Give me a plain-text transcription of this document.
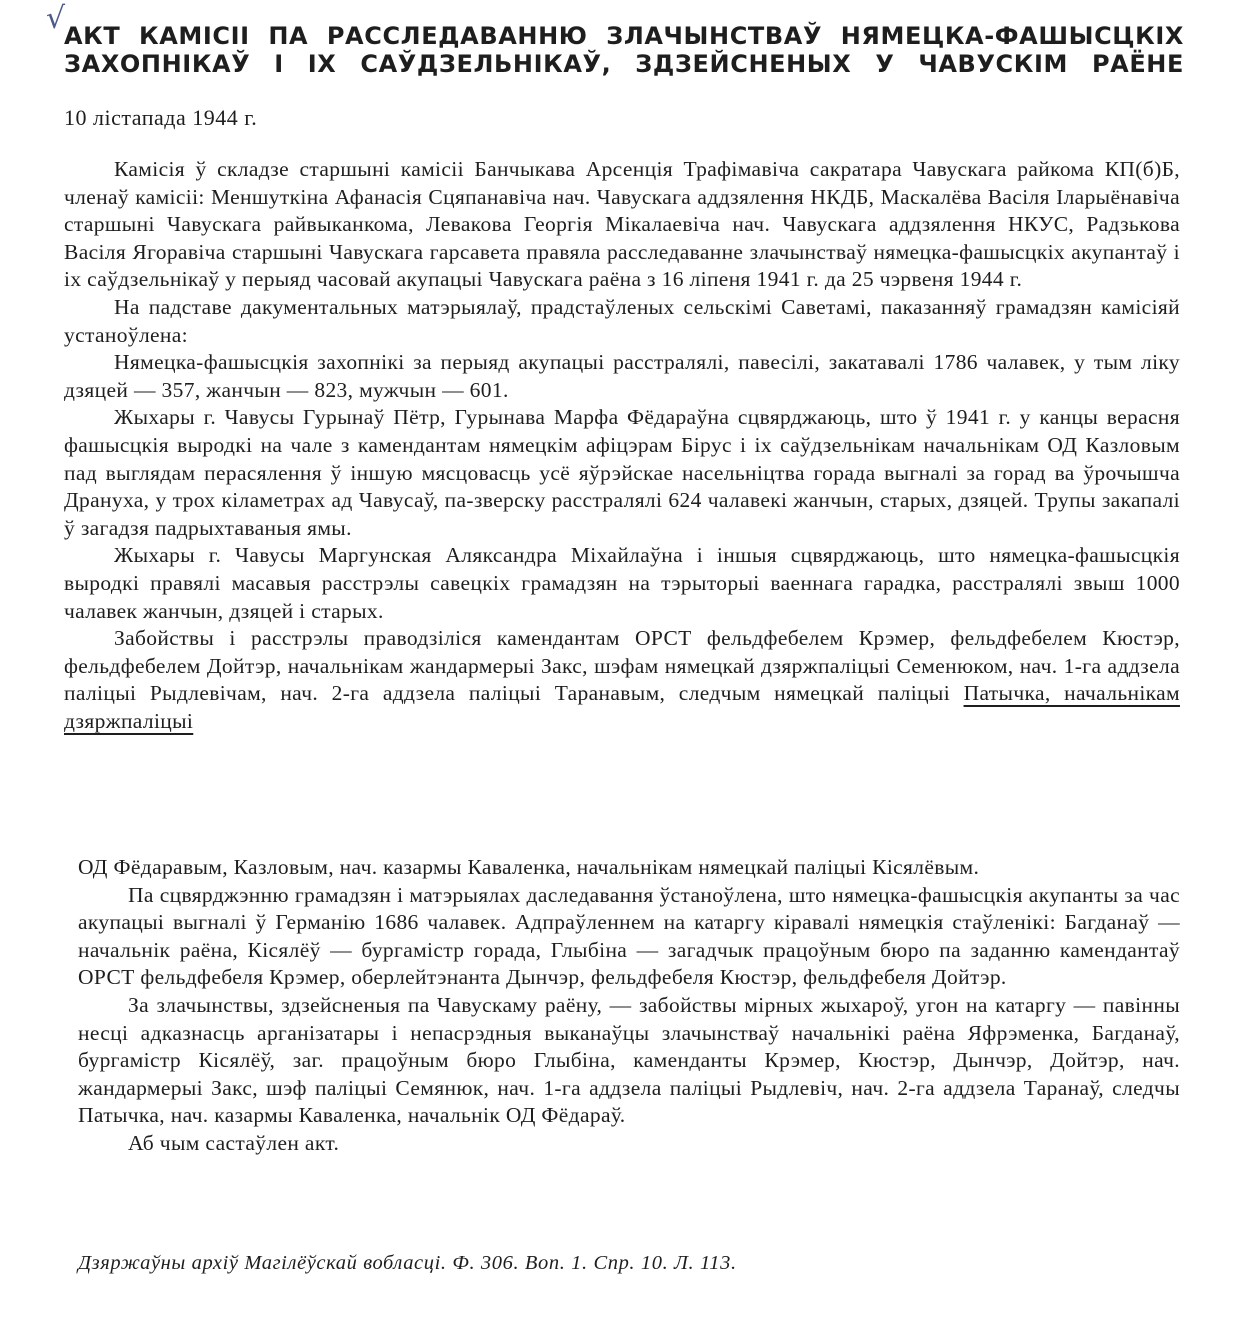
√
АКТ КАМІСІІ ПА РАССЛЕДАВАННЮ ЗЛАЧЫНСТВАЎ НЯМЕЦКА-ФАШЫСЦКІХ
ЗАХОПНІКАЎ І ІХ САЎДЗЕЛЬНІКАЎ, ЗДЗЕЙСНЕНЫХ У ЧАВУСКІМ РАЁНЕ
10 лістапада 1944 г.

Камісія ў складзе старшыні камісіі Банчыкава Арсенція Трафімавіча сакратара Чавускага райкома КП(б)Б, членаў камісіі: Меншуткіна Афанасія Сцяпанавіча нач. Чавускага аддзялення НКДБ, Маскалёва Васіля Іларыёнавіча старшыні Чавускага райвыканкома, Левакова Георгія Мікалаевіча нач. Чавускага аддзялення НКУС, Радзькова Васіля Ягоравіча старшыні Чавускага гарсавета правяла расследаванне злачынстваў нямецка-фашысцкіх акупантаў і іх саўдзельнікаў у перыяд часовай акупацыі Чавускага раёна з 16 ліпеня 1941 г. да 25 чэрвеня 1944 г.

На падставе дакументальных матэрыялаў, прадстаўленых сельскімі Саветамі, паказанняў грамадзян камісіяй устаноўлена:

Нямецка-фашысцкія захопнікі за перыяд акупацыі расстралялі, павесілі, закатавалі 1786 чалавек, у тым ліку дзяцей — 357, жанчын — 823, мужчын — 601.

Жыхары г. Чавусы Гурынаў Пётр, Гурынава Марфа Фёдараўна сцвярджаюць, што ў 1941 г. у канцы верасня фашысцкія выродкі на чале з камендантам нямецкім афіцэрам Бірус і іх саўдзельнікам начальнікам ОД Казловым пад выглядам перасялення ў іншую мясцовасць усё яўрэйскае насельніцтва горада выгналі за горад ва ўрочышча Дрануха, у трох кіламетрах ад Чавусаў, па-зверску расстралялі 624 чалавекі жанчын, старых, дзяцей. Трупы закапалі ў загадзя падрыхтаваныя ямы.

Жыхары г. Чавусы Маргунская Аляксандра Міхайлаўна і іншыя сцвярджаюць, што нямецка-фашысцкія выродкі правялі масавыя расстрэлы савецкіх грамадзян на тэрыторыі ваеннага гарадка, расстралялі звыш 1000 чалавек жанчын, дзяцей і старых.

Забойствы і расстрэлы праводзіліся камендантам ОРСТ фельдфебелем Крэмер, фельдфебелем Кюстэр, фельдфебелем Дойтэр, начальнікам жандармерыі Закс, шэфам нямецкай дзяржпаліцыі Семенюком, нач. 1-га аддзела паліцыі Рыдлевічам, нач. 2-га аддзела паліцыі Таранавым, следчым нямецкай паліцыі Патычка, начальнікам дзяржпаліцыі

ОД Фёдаравым, Казловым, нач. казармы Каваленка, начальнікам нямецкай паліцыі Кісялёвым.

Па сцвярджэнню грамадзян і матэрыялах даследавання ўстаноўлена, што нямецка-фашысцкія акупанты за час акупацыі выгналі ў Германію 1686 чалавек. Адпраўленнем на катаргу кіравалі нямецкія стаўленікі: Багданаў — начальнік раёна, Кісялёў — бургамістр горада, Глыбіна — загадчык працоўным бюро па заданню камендантаў ОРСТ фельдфебеля Крэмер, оберлейтэнанта Дынчэр, фельдфебеля Кюстэр, фельдфебеля Дойтэр.

За злачынствы, здзейсненыя па Чавускаму раёну, — забойствы мірных жыхароў, угон на катаргу — павінны несці адказнасць арганізатары і непасрэдныя выканаўцы злачынстваў начальнікі раёна Яфрэменка, Багданаў, бургамістр Кісялёў, заг. працоўным бюро Глыбіна, каменданты Крэмер, Кюстэр, Дынчэр, Дойтэр, нач. жандармерыі Закс, шэф паліцыі Семянюк, нач. 1-га аддзела паліцыі Рыдлевіч, нач. 2-га аддзела Таранаў, следчы Патычка, нач. казармы Каваленка, начальнік ОД Фёдараў.

Аб чым састаўлен акт.

Дзяржаўны архіў Магілёўскай вобласці. Ф. 306. Воп. 1. Спр. 10. Л. 113.
